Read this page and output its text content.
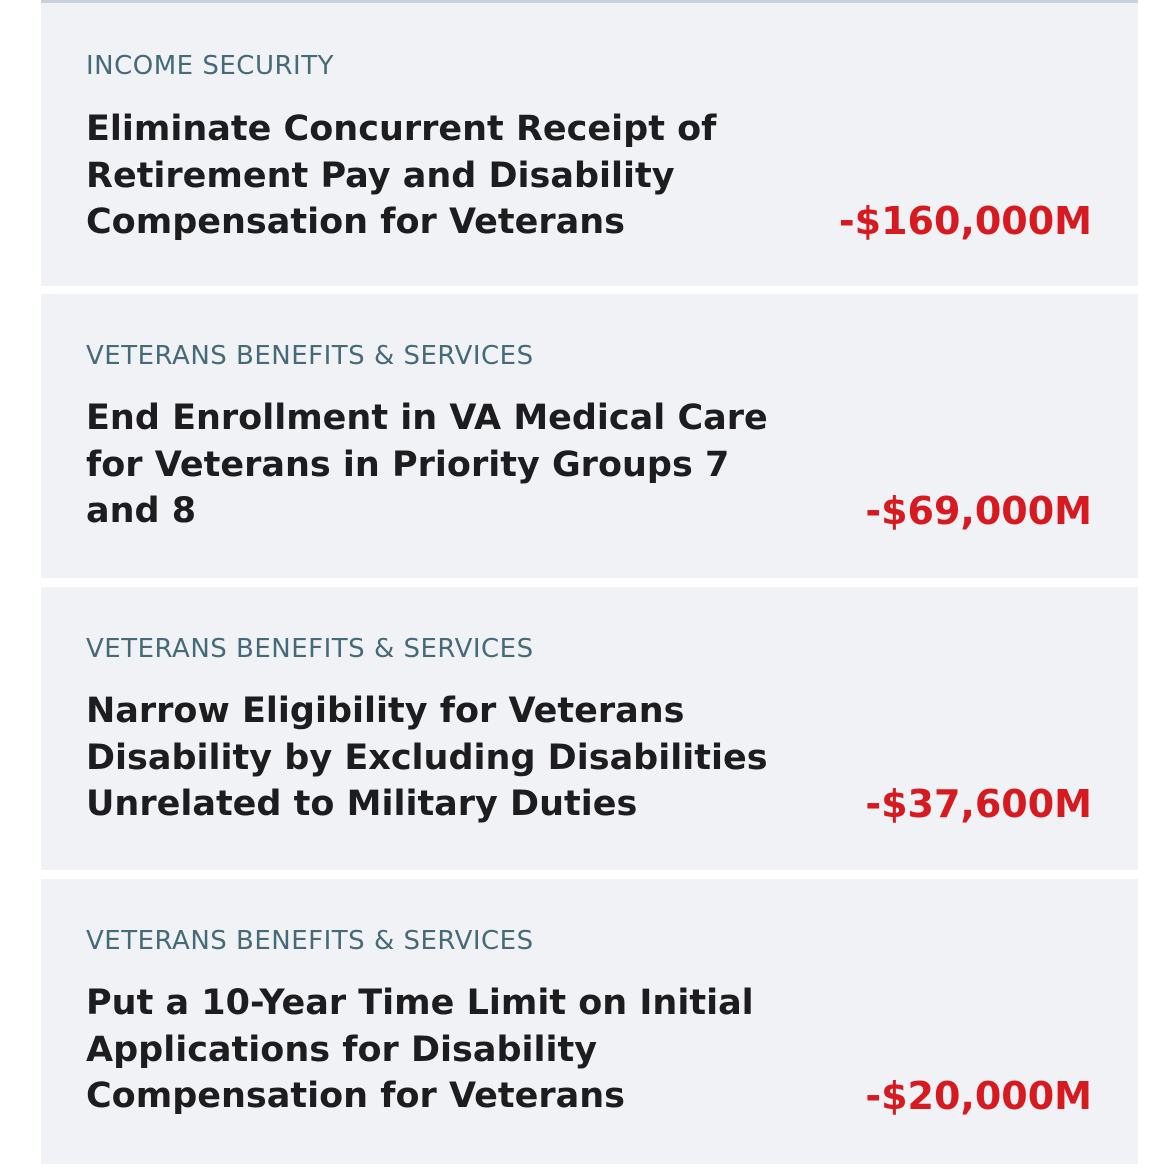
INCOME SECURITY
Eliminate Concurrent Receipt of
Retirement Pay and Disability
Compensation for Veterans	-$160,000M
VETERANS BENEFITS & SERVICES
End Enrollment in VA Medical Care
for Veterans in Priority Groups 7
and 8	-$69,000M
VETERANS BENEFITS & SERVICES
Narrow Eligibility for Veterans
Disability by Excluding Disabilities
Unrelated to Military Duties	-$37,600M
VETERANS BENEFITS & SERVICES
Put a 10-Year Time Limit on Initial
Applications for Disability
Compensation for Veterans	-$20,000M
